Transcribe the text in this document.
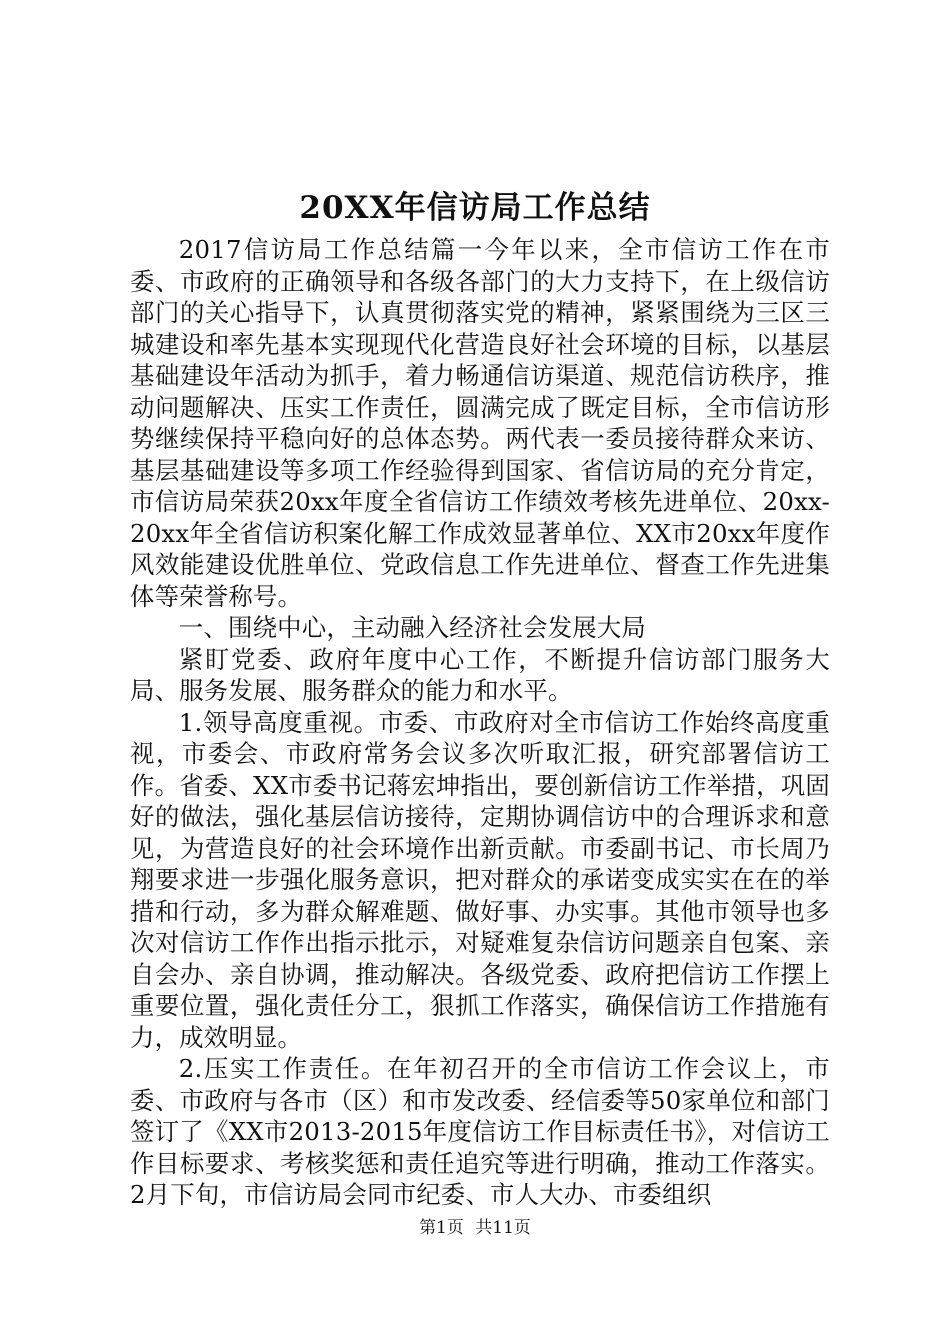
20XX年信访局工作总结

2017信访局工作总结篇一今年以来，全市信访工作在市委、市政府的正确领导和各级各部门的大力支持下，在上级信访部门的关心指导下，认真贯彻落实党的精神，紧紧围绕为三区三城建设和率先基本实现现代化营造良好社会环境的目标，以基层基础建设年活动为抓手，着力畅通信访渠道、规范信访秩序，推动问题解决、压实工作责任，圆满完成了既定目标，全市信访形势继续保持平稳向好的总体态势。两代表一委员接待群众来访、基层基础建设等多项工作经验得到国家、省信访局的充分肯定，市信访局荣获20xx年度全省信访工作绩效考核先进单位、20xx-20xx年全省信访积案化解工作成效显著单位、XX市20xx年度作风效能建设优胜单位、党政信息工作先进单位、督查工作先进集体等荣誉称号。

一、围绕中心，主动融入经济社会发展大局

紧盯党委、政府年度中心工作，不断提升信访部门服务大局、服务发展、服务群众的能力和水平。

1.领导高度重视。市委、市政府对全市信访工作始终高度重视，市委会、市政府常务会议多次听取汇报，研究部署信访工作。省委、XX市委书记蒋宏坤指出，要创新信访工作举措，巩固好的做法，强化基层信访接待，定期协调信访中的合理诉求和意见，为营造良好的社会环境作出新贡献。市委副书记、市长周乃翔要求进一步强化服务意识，把对群众的承诺变成实实在在的举措和行动，多为群众解难题、做好事、办实事。其他市领导也多次对信访工作作出指示批示，对疑难复杂信访问题亲自包案、亲自会办、亲自协调，推动解决。各级党委、政府把信访工作摆上重要位置，强化责任分工，狠抓工作落实，确保信访工作措施有力，成效明显。

2.压实工作责任。在年初召开的全市信访工作会议上，市委、市政府与各市（区）和市发改委、经信委等50家单位和部门签订了《XX市2013-2015年度信访工作目标责任书》，对信访工作目标要求、考核奖惩和责任追究等进行明确，推动工作落实。2月下旬，市信访局会同市纪委、市人大办、市委组织

第1页 共11页
